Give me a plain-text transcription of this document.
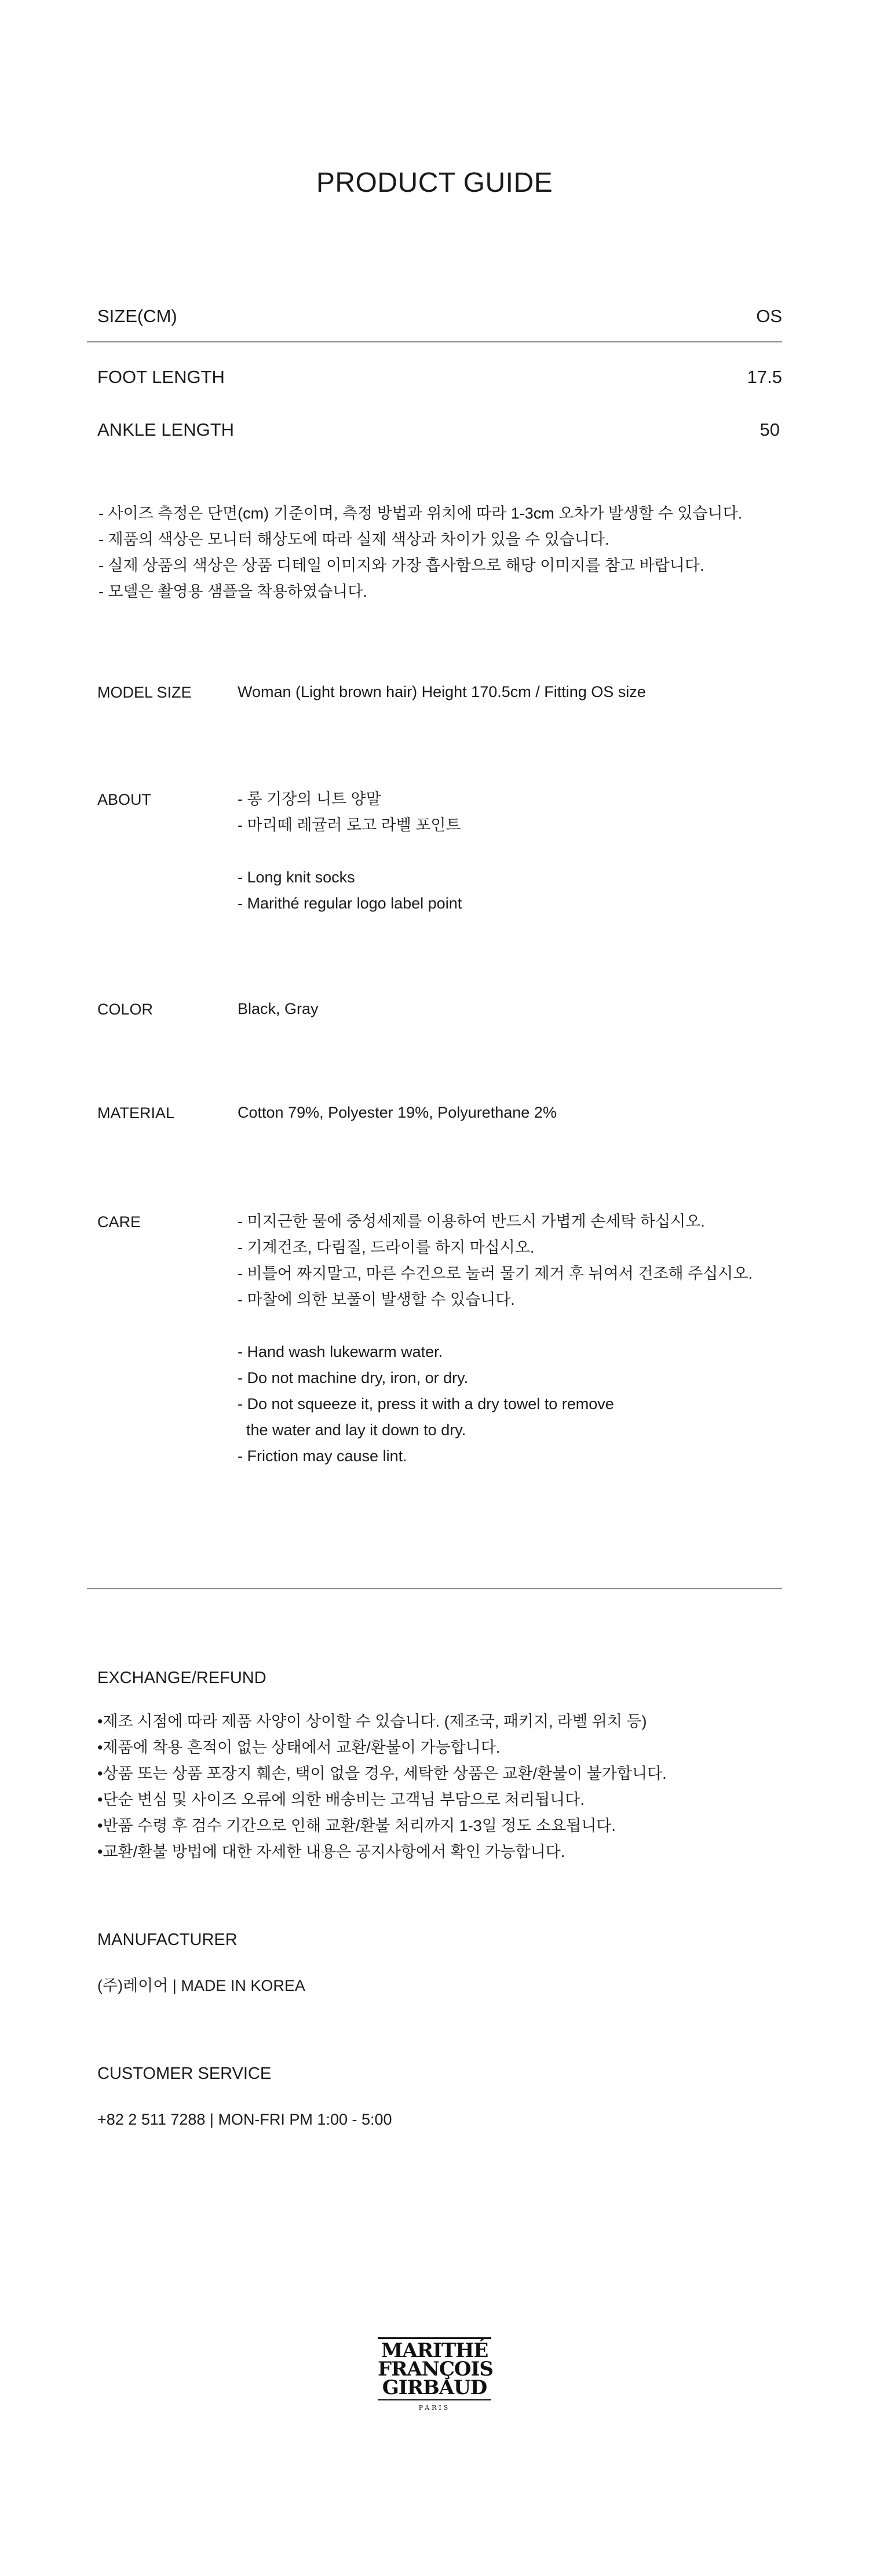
PRODUCT GUIDE
SIZE(CM)	OS
FOOT LENGTH	17.5
ANKLE LENGTH	50
- 사이즈 측정은 단면(cm) 기준이며, 측정 방법과 위치에 따라 1-3cm 오차가 발생할 수 있습니다.
- 제품의 색상은 모니터 해상도에 따라 실제 색상과 차이가 있을 수 있습니다.
- 실제 상품의 색상은 상품 디테일 이미지와 가장 흡사함으로 해당 이미지를 참고 바랍니다.
- 모델은 촬영용 샘플을 착용하였습니다.
MODEL SIZE	Woman (Light brown hair) Height 170.5cm / Fitting OS size
ABOUT	- 롱 기장의 니트 양말
- 마리떼 레귤러 로고 라벨 포인트
- Long knit socks
- Marithé regular logo label point
COLOR	Black, Gray
MATERIAL	Cotton 79%, Polyester 19%, Polyurethane 2%
CARE	- 미지근한 물에 중성세제를 이용하여 반드시 가볍게 손세탁 하십시오.
- 기계건조, 다림질, 드라이를 하지 마십시오.
- 비틀어 짜지말고, 마른 수건으로 눌러 물기 제거 후 뉘여서 건조해 주십시오.
- 마찰에 의한 보풀이 발생할 수 있습니다.
- Hand wash lukewarm water.
- Do not machine dry, iron, or dry.
- Do not squeeze it, press it with a dry towel to remove
the water and lay it down to dry.
- Friction may cause lint.
EXCHANGE/REFUND
•제조 시점에 따라 제품 사양이 상이할 수 있습니다. (제조국, 패키지, 라벨 위치 등)
•제품에 착용 흔적이 없는 상태에서 교환/환불이 가능합니다.
•상품 또는 상품 포장지 훼손, 택이 없을 경우, 세탁한 상품은 교환/환불이 불가합니다.
•단순 변심 및 사이즈 오류에 의한 배송비는 고객님 부담으로 처리됩니다.
•반품 수령 후 검수 기간으로 인해 교환/환불 처리까지 1-3일 정도 소요됩니다.
•교환/환불 방법에 대한 자세한 내용은 공지사항에서 확인 가능합니다.
MANUFACTURER
(주)레이어 | MADE IN KOREA
CUSTOMER SERVICE
+82 2 511 7288 | MON-FRI PM 1:00 - 5:00
MARITHÉ
FRANÇOIS
GIRBAUD
PARIS
